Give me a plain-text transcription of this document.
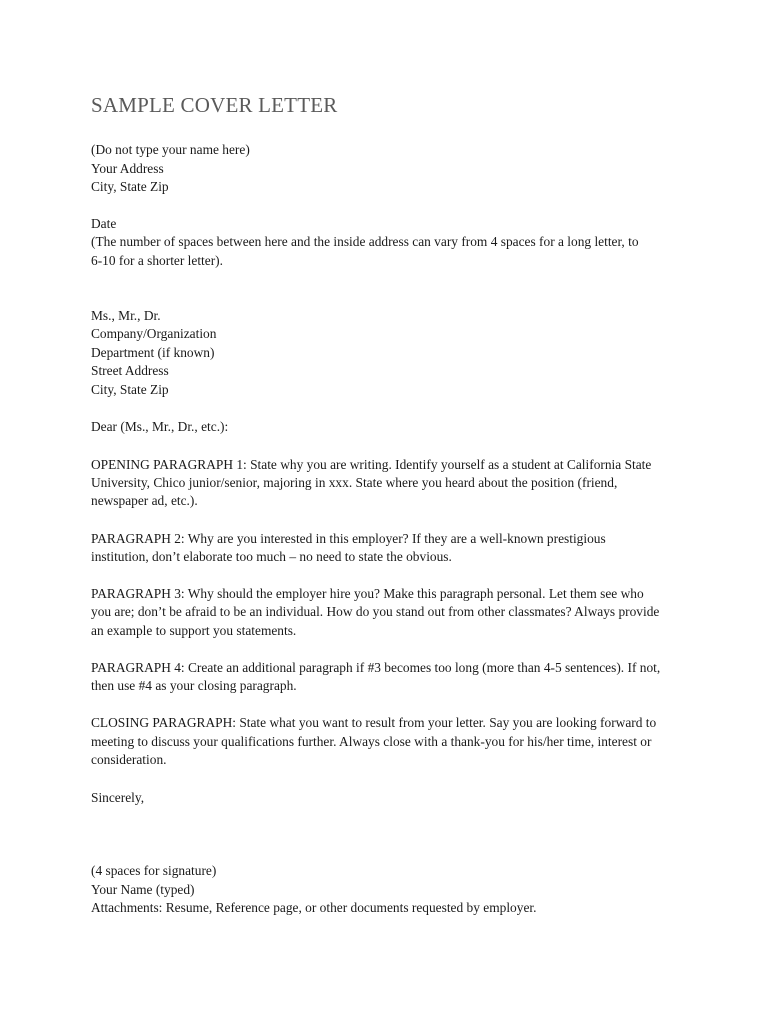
SAMPLE COVER LETTER
(Do not type your name here)
Your Address
City, State Zip
Date
(The number of spaces between here and the inside address can vary from 4 spaces for a long letter, to
6-10 for a shorter letter).
Ms., Mr., Dr.
Company/Organization
Department (if known)
Street Address
City, State Zip
Dear (Ms., Mr., Dr., etc.):
OPENING PARAGRAPH 1: State why you are writing. Identify yourself as a student at California State
University, Chico junior/senior, majoring in xxx. State where you heard about the position (friend,
newspaper ad, etc.).
PARAGRAPH 2: Why are you interested in this employer? If they are a well-known prestigious
institution, don’t elaborate too much – no need to state the obvious.
PARAGRAPH 3: Why should the employer hire you? Make this paragraph personal. Let them see who
you are; don’t be afraid to be an individual. How do you stand out from other classmates? Always provide
an example to support you statements.
PARAGRAPH 4: Create an additional paragraph if #3 becomes too long (more than 4-5 sentences). If not,
then use #4 as your closing paragraph.
CLOSING PARAGRAPH: State what you want to result from your letter. Say you are looking forward to
meeting to discuss your qualifications further. Always close with a thank-you for his/her time, interest or
consideration.
Sincerely,
(4 spaces for signature)
Your Name (typed)
Attachments: Resume, Reference page, or other documents requested by employer.
